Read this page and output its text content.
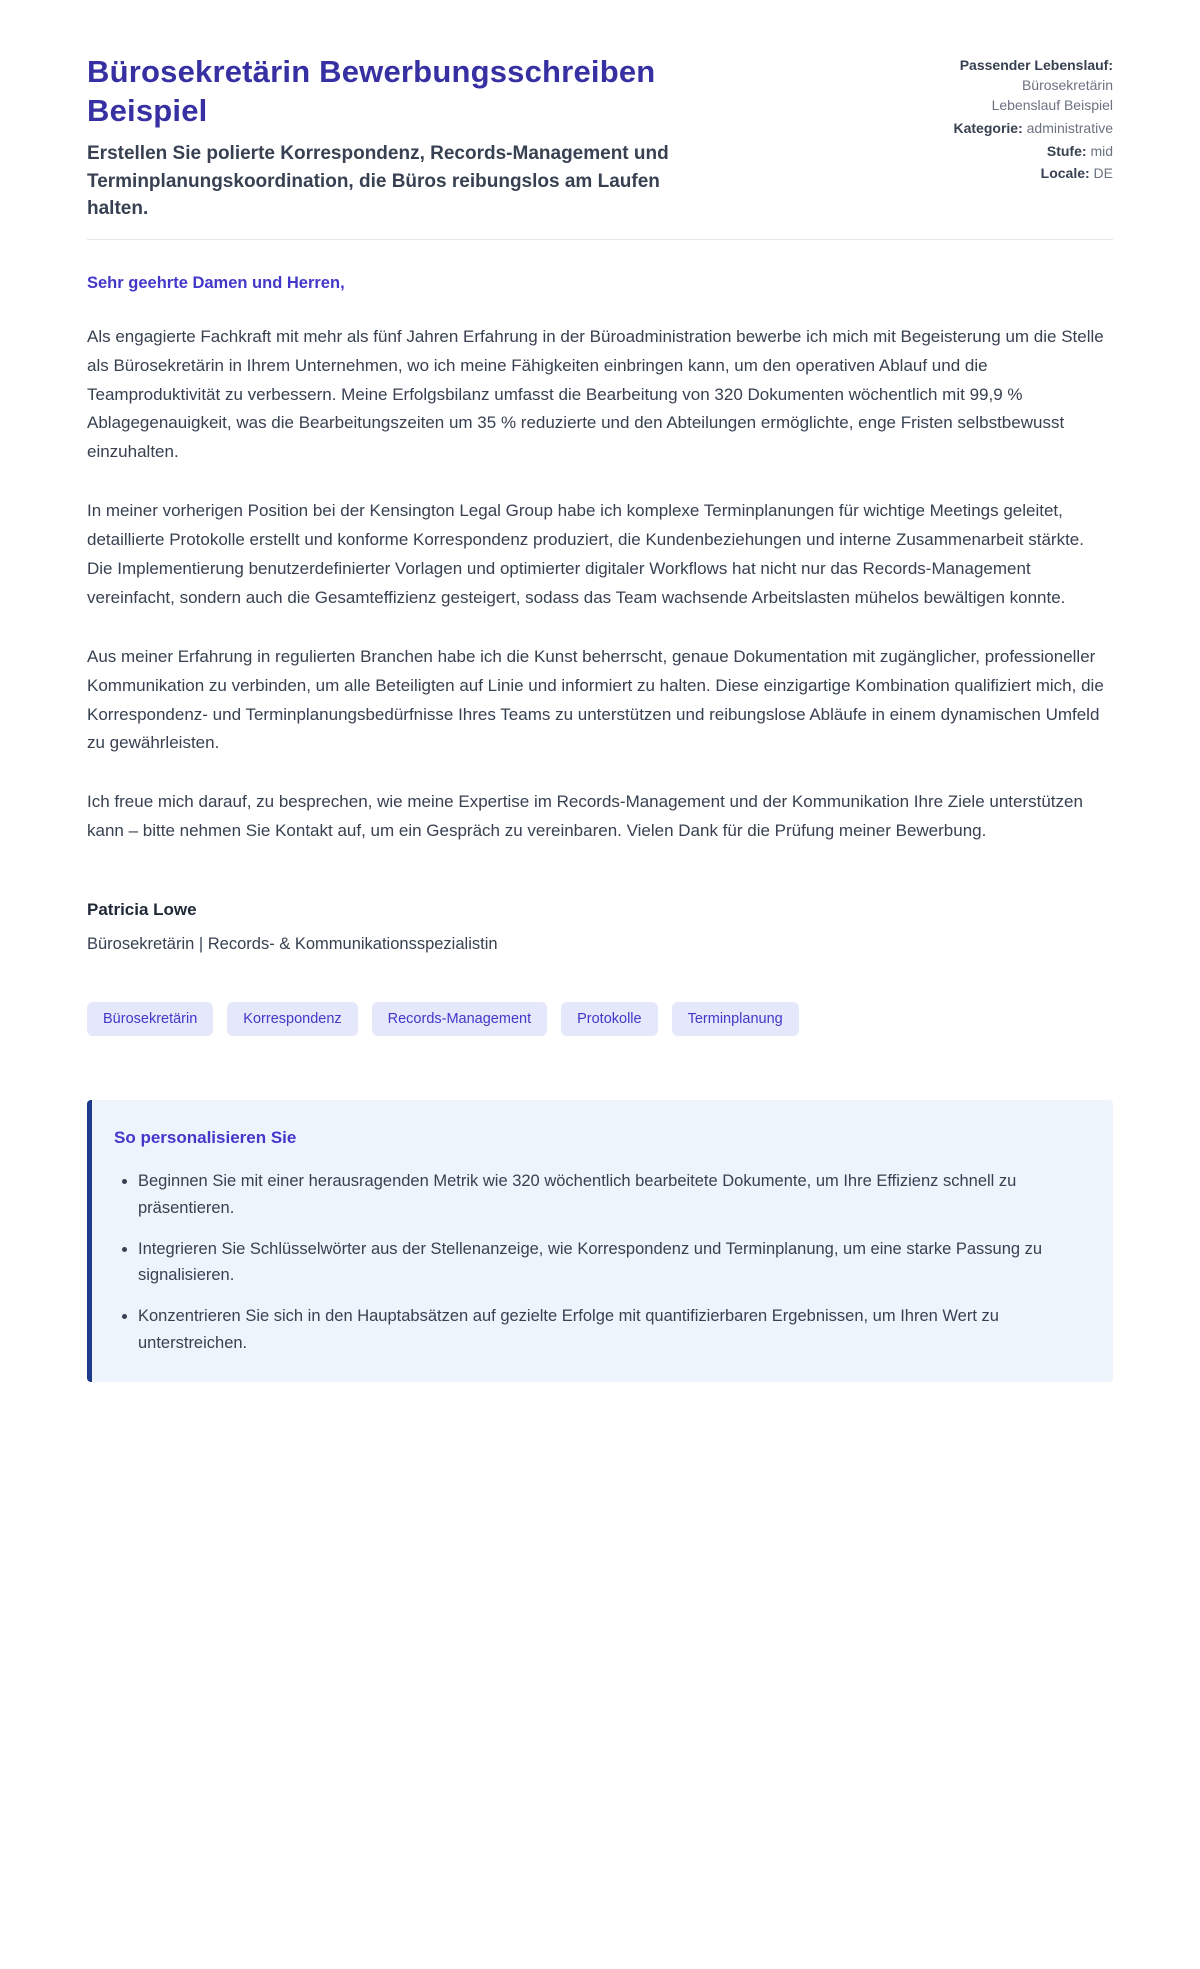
Bürosekretärin Bewerbungsschreiben Beispiel

Erstellen Sie polierte Korrespondenz, Records-Management und Terminplanungskoordination, die Büros reibungslos am Laufen halten.

Passender Lebenslauf: Bürosekretärin Lebenslauf Beispiel

Kategorie: administrative

Stufe: mid

Locale: DE

Sehr geehrte Damen und Herren,

Als engagierte Fachkraft mit mehr als fünf Jahren Erfahrung in der Büroadministration bewerbe ich mich mit Begeisterung um die Stelle als Bürosekretärin in Ihrem Unternehmen, wo ich meine Fähigkeiten einbringen kann, um den operativen Ablauf und die Teamproduktivität zu verbessern. Meine Erfolgsbilanz umfasst die Bearbeitung von 320 Dokumenten wöchentlich mit 99,9 % Ablagegenauigkeit, was die Bearbeitungszeiten um 35 % reduzierte und den Abteilungen ermöglichte, enge Fristen selbstbewusst einzuhalten.

In meiner vorherigen Position bei der Kensington Legal Group habe ich komplexe Terminplanungen für wichtige Meetings geleitet, detaillierte Protokolle erstellt und konforme Korrespondenz produziert, die Kundenbeziehungen und interne Zusammenarbeit stärkte. Die Implementierung benutzerdefinierter Vorlagen und optimierter digitaler Workflows hat nicht nur das Records-Management vereinfacht, sondern auch die Gesamteffizienz gesteigert, sodass das Team wachsende Arbeitslasten mühelos bewältigen konnte.

Aus meiner Erfahrung in regulierten Branchen habe ich die Kunst beherrscht, genaue Dokumentation mit zugänglicher, professioneller Kommunikation zu verbinden, um alle Beteiligten auf Linie und informiert zu halten. Diese einzigartige Kombination qualifiziert mich, die Korrespondenz- und Terminplanungsbedürfnisse Ihres Teams zu unterstützen und reibungslose Abläufe in einem dynamischen Umfeld zu gewährleisten.

Ich freue mich darauf, zu besprechen, wie meine Expertise im Records-Management und der Kommunikation Ihre Ziele unterstützen kann – bitte nehmen Sie Kontakt auf, um ein Gespräch zu vereinbaren. Vielen Dank für die Prüfung meiner Bewerbung.

Patricia Lowe

Bürosekretärin | Records- & Kommunikationsspezialistin

Bürosekretärin	Korrespondenz	Records-Management	Protokolle	Terminplanung
So personalisieren Sie
• Beginnen Sie mit einer herausragenden Metrik wie 320 wöchentlich bearbeitete Dokumente, um Ihre Effizienz schnell zu präsentieren.
• Integrieren Sie Schlüsselwörter aus der Stellenanzeige, wie Korrespondenz und Terminplanung, um eine starke Passung zu signalisieren.
• Konzentrieren Sie sich in den Hauptabsätzen auf gezielte Erfolge mit quantifizierbaren Ergebnissen, um Ihren Wert zu unterstreichen.
